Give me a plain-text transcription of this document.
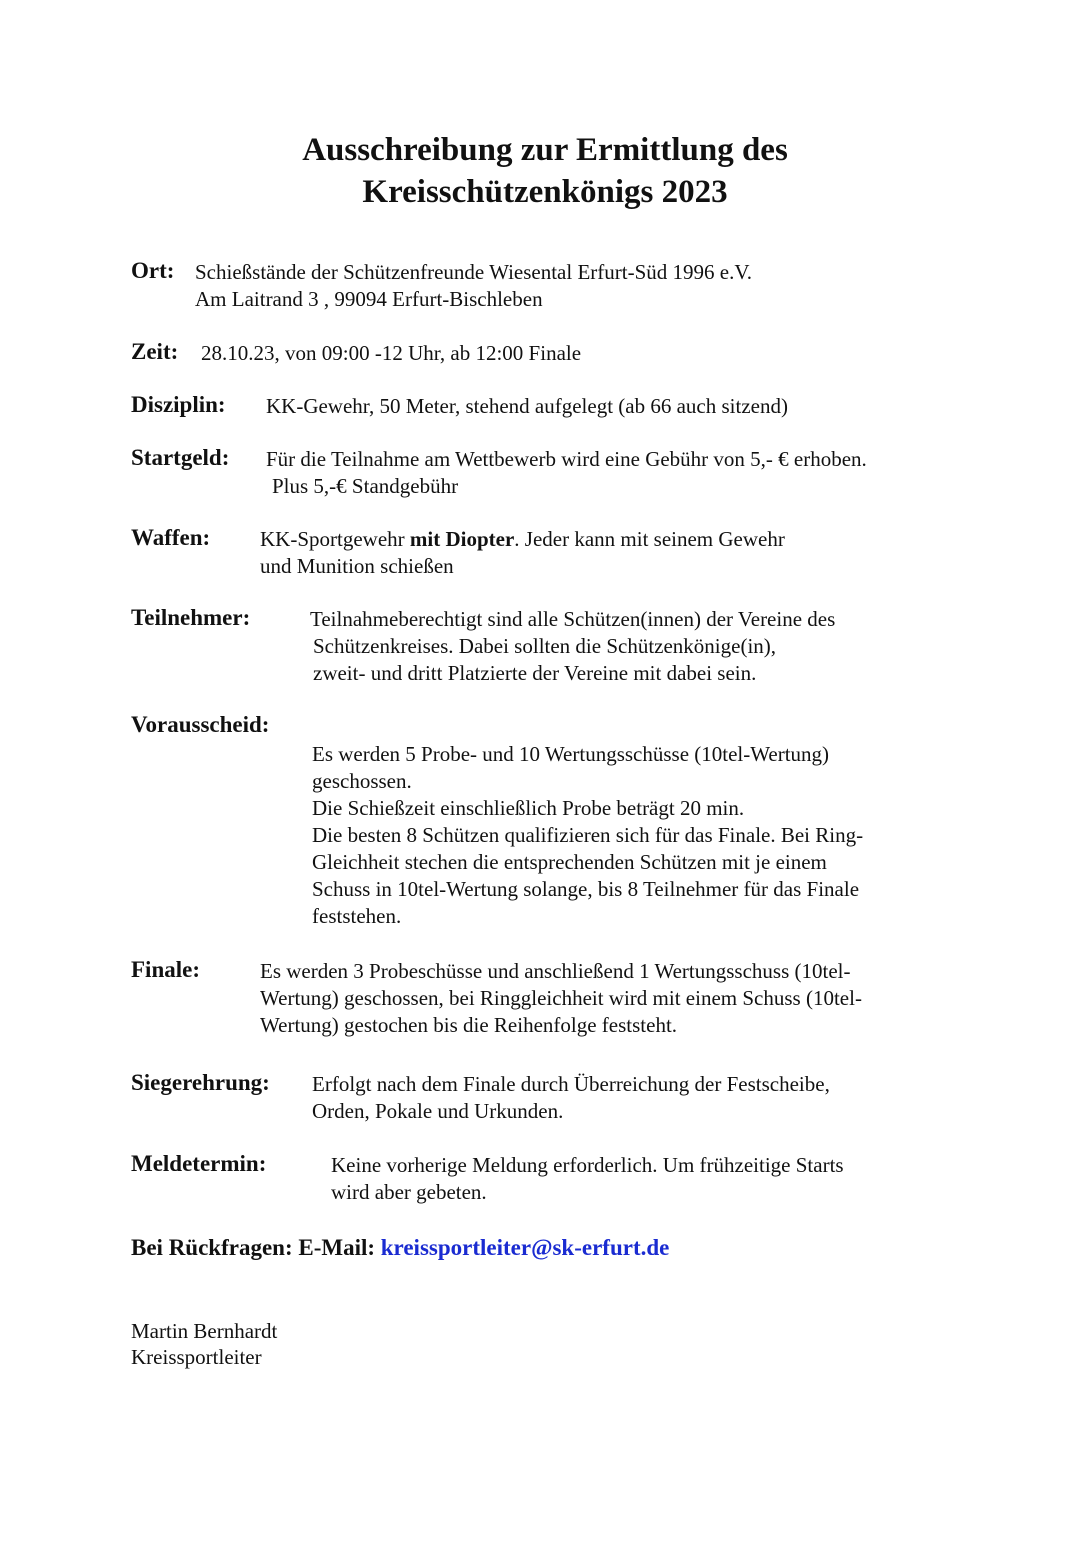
Ausschreibung zur Ermittlung des
Kreisschützenkönigs 2023
Ort: Schießstände der Schützenfreunde Wiesental Erfurt-Süd 1996 e.V.
Am Laitrand 3 , 99094 Erfurt-Bischleben
Zeit: 28.10.23, von 09:00 -12 Uhr, ab 12:00 Finale
Disziplin: KK-Gewehr, 50 Meter, stehend aufgelegt (ab 66 auch sitzend)
Startgeld: Für die Teilnahme am Wettbewerb wird eine Gebühr von 5,- € erhoben.
Plus 5,-€ Standgebühr
Waffen: KK-Sportgewehr mit Diopter. Jeder kann mit seinem Gewehr
und Munition schießen
Teilnehmer:	Teilnahmeberechtigt sind alle Schützen(innen) der Vereine des
Schützenkreises. Dabei sollten die Schützenkönige(in),
zweit- und dritt Platzierte der Vereine mit dabei sein.
Vorausscheid:
Es werden 5 Probe- und 10 Wertungsschüsse (10tel-Wertung)
geschossen.
Die Schießzeit einschließlich Probe beträgt 20 min.
Die besten 8 Schützen qualifizieren sich für das Finale. Bei Ring-
Gleichheit stechen die entsprechenden Schützen mit je einem
Schuss in 10tel-Wertung solange, bis 8 Teilnehmer für das Finale
feststehen.
Finale:	Es werden 3 Probeschüsse und anschließend 1 Wertungsschuss (10tel-
Wertung) geschossen, bei Ringgleichheit wird mit einem Schuss (10tel-
Wertung) gestochen bis die Reihenfolge feststeht.
Siegerehrung: Erfolgt nach dem Finale durch Überreichung der Festscheibe,
Orden, Pokale und Urkunden.
Meldetermin:	Keine vorherige Meldung erforderlich. Um frühzeitige Starts
wird aber gebeten.
Bei Rückfragen: E-Mail: kreissportleiter@sk-erfurt.de
Martin Bernhardt
Kreissportleiter
